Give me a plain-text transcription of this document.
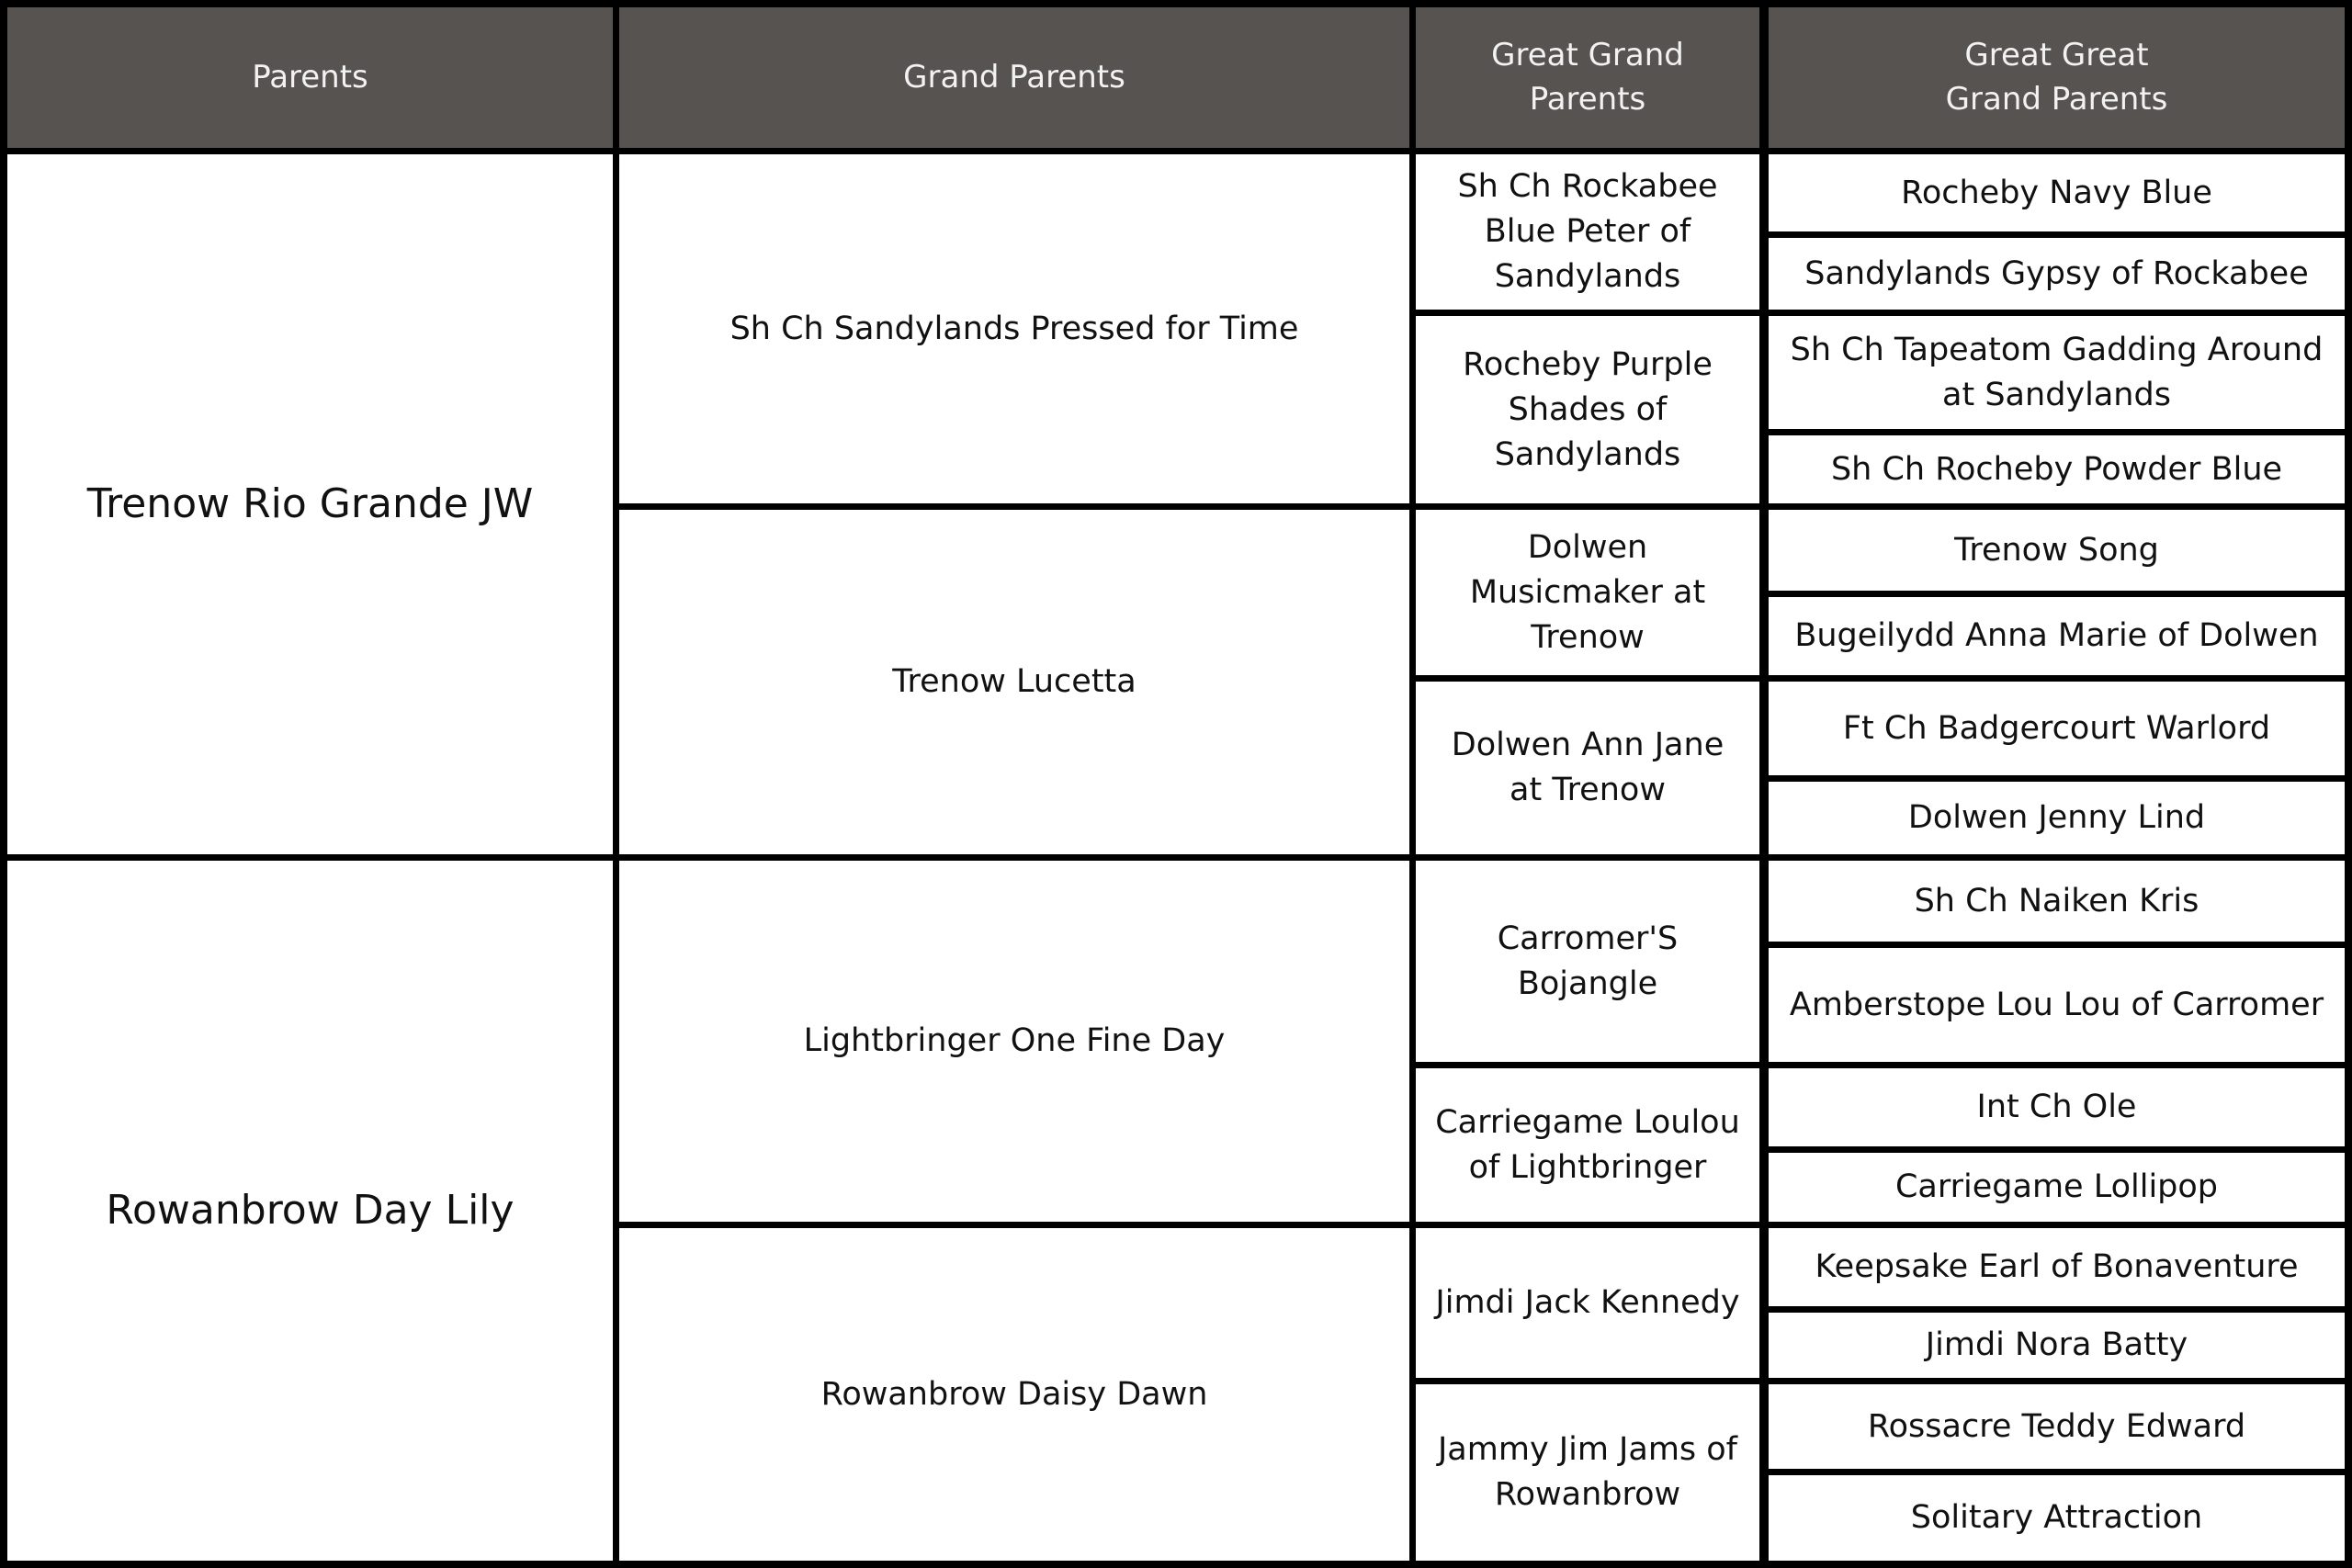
Parents	Grand Parents
Great Grand Parents
Great Great Grand Parents
Trenow Rio Grande JW
Rowanbrow Day Lily
Sh Ch Sandylands Pressed for Time
Trenow Lucetta
Lightbringer One Fine Day
Rowanbrow Daisy Dawn
Sh Ch Rockabee Blue Peter of Sandylands
Rocheby Purple Shades of Sandylands
Dolwen Musicmaker at Trenow
Dolwen Ann Jane at Trenow
Carromer'S Bojangle
Carriegame Loulou of Lightbringer
Jimdi Jack Kennedy
Jammy Jim Jams of Rowanbrow
Rocheby Navy Blue
Sandylands Gypsy of Rockabee
Sh Ch Tapeatom Gadding Around at Sandylands
Sh Ch Rocheby Powder Blue
Trenow Song
Bugeilydd Anna Marie of Dolwen
Ft Ch Badgercourt Warlord
Dolwen Jenny Lind
Sh Ch Naiken Kris
Amberstope Lou Lou of Carromer
Int Ch Ole
Carriegame Lollipop
Keepsake Earl of Bonaventure
Jimdi Nora Batty
Rossacre Teddy Edward
Solitary Attraction
